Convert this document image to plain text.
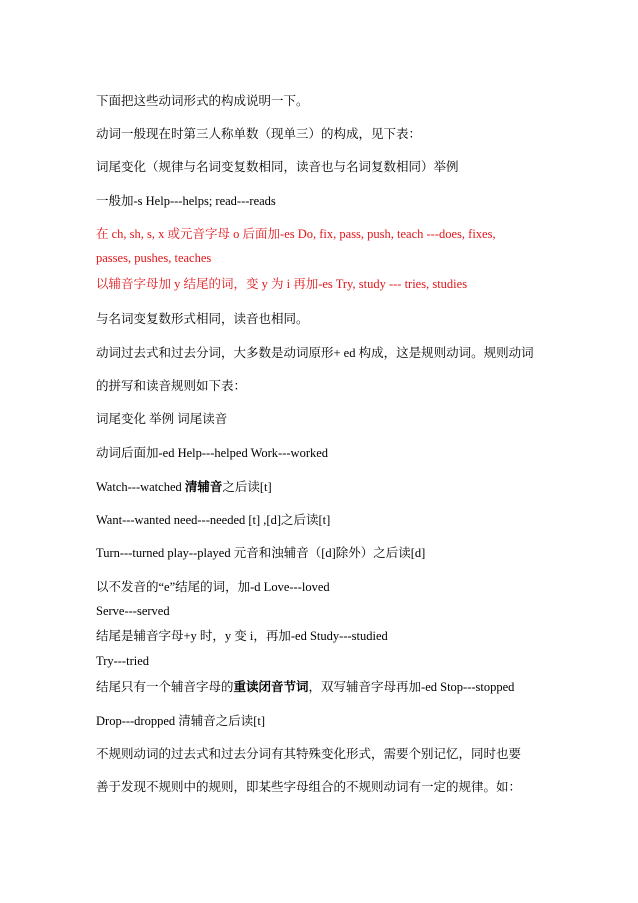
下面把这些动词形式的构成说明一下。
动词一般现在时第三人称单数（现单三）的构成，见下表：
词尾变化（规律与名词变复数相同，读音也与名词复数相同）举例
一般加-s Help---helps; read---reads
在 ch, sh, s, x 或元音字母 o 后面加-es Do, fix, pass, push, teach ---does, fixes,
passes, pushes, teaches
以辅音字母加 y 结尾的词，变 y 为 i 再加-es Try, study --- tries, studies
与名词变复数形式相同，读音也相同。
动词过去式和过去分词，大多数是动词原形+ ed 构成，这是规则动词。规则动词
的拼写和读音规则如下表：
词尾变化 举例 词尾读音
动词后面加-ed Help---helped Work---worked
Watch---watched 清辅音之后读[t]
Want---wanted need---needed [t] ,[d]之后读[t]
Turn---turned play--played 元音和浊辅音（[d]除外）之后读[d]
以不发音的“e”结尾的词，加-d Love---loved
Serve---served
结尾是辅音字母+y 时，y 变 i，再加-ed Study---studied
Try---tried
结尾只有一个辅音字母的重读闭音节词，双写辅音字母再加-ed Stop---stopped
Drop---dropped 清辅音之后读[t]
不规则动词的过去式和过去分词有其特殊变化形式，需要个别记忆，同时也要
善于发现不规则中的规则，即某些字母组合的不规则动词有一定的规律。如：
